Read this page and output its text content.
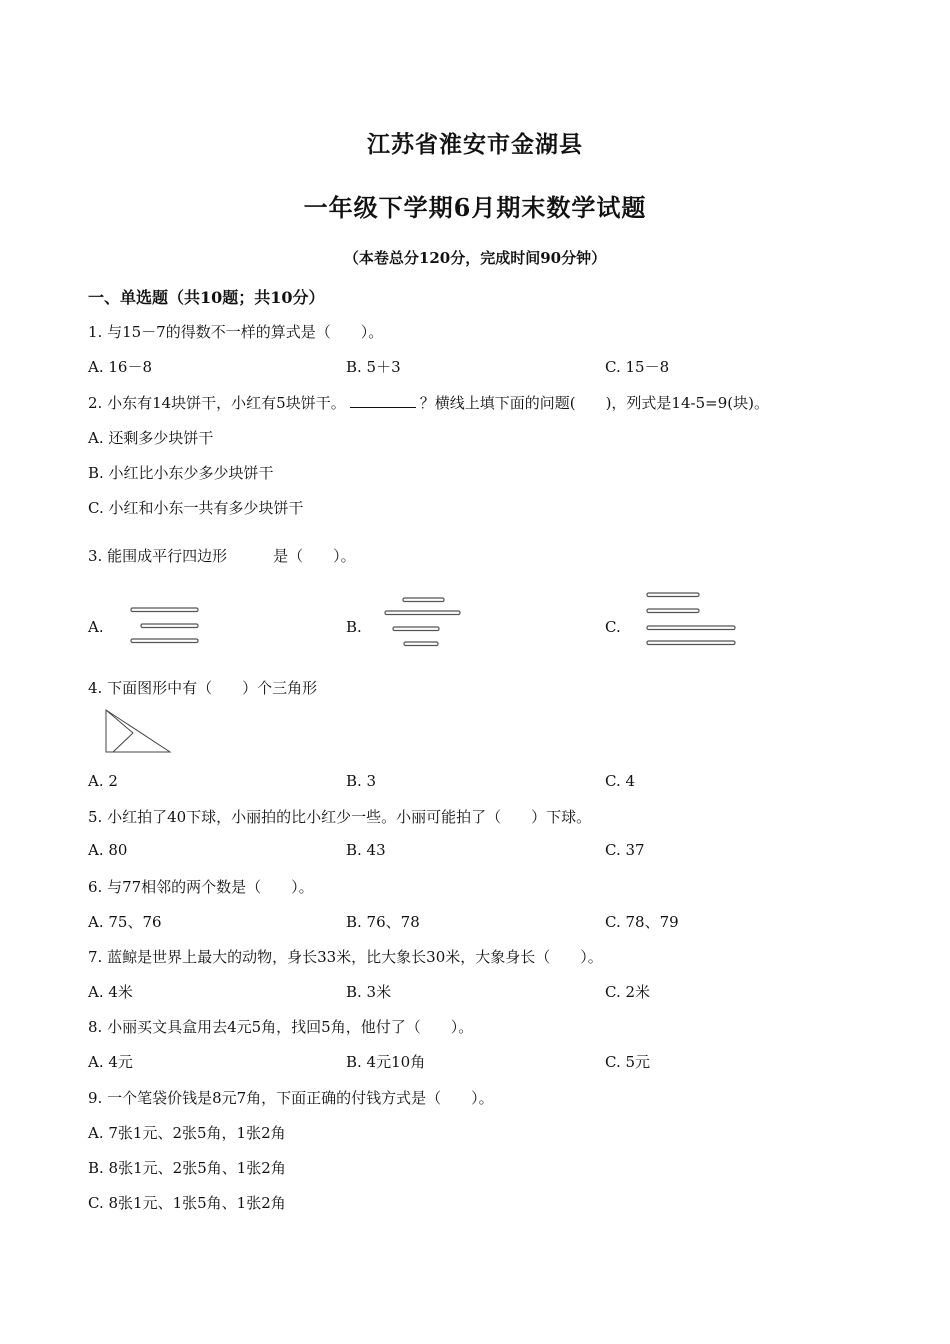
江苏省淮安市金湖县
一年级下学期6月期末数学试题
（本卷总分120分，完成时间90分钟）
一、单选题（共10题；共10分）
1. 与15－7的得数不一样的算式是（　　）。
A. 16－8	B. 5＋3	C. 15－8
2. 小东有14块饼干，小红有5块饼干。	？横线上填下面的问题(　　)，列式是14-5=9(块)。
A. 还剩多少块饼干
B. 小红比小东少多少块饼干
C. 小红和小东一共有多少块饼干
3. 能围成平行四边形	是（　　）。
A.	B.	C.
4. 下面图形中有（　　）个三角形
A. 2	B. 3	C. 4
5. 小红拍了40下球，小丽拍的比小红少一些。小丽可能拍了（　　）下球。
A. 80	B. 43	C. 37
6. 与77相邻的两个数是（　　）。
A. 75、76	B. 76、78	C. 78、79
7. 蓝鲸是世界上最大的动物，身长33米，比大象长30米，大象身长（　　）。
A. 4米	B. 3米	C. 2米
8. 小丽买文具盒用去4元5角，找回5角，他付了（　　）。
A. 4元	B. 4元10角	C. 5元
9. 一个笔袋价钱是8元7角，下面正确的付钱方式是（　　）。
A. 7张1元、2张5角，1张2角
B. 8张1元、2张5角、1张2角
C. 8张1元、1张5角、1张2角
